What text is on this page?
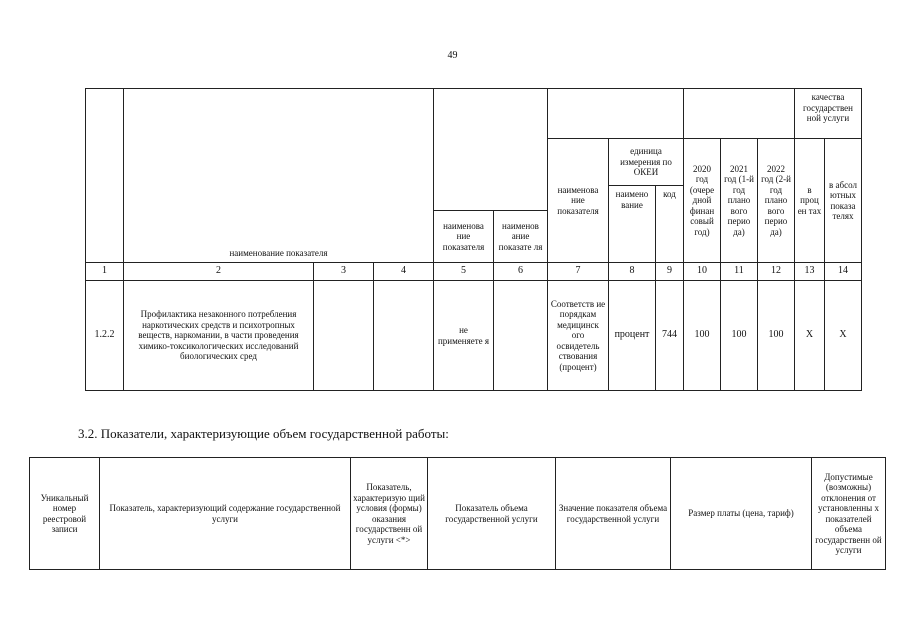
49
	наименование показателя											качества государствен ной услуги	
						наименова ние показателя	единица измерения по ОКЕИ		2020 год (очере дной финан совый год)	2021 год (1-й год плано вого перио да)	2022 год (2-й год плано вого перио да)	в проц ен тах	в абсол ютных показа телях
							наимено вание	код					
				наименова ние показателя	наименов ание показате ля								
1	2	3	4	5	6	7	8	9	10	11	12	13	14
1.2.2	Профилактика незаконного потребления наркотических средств и психотропных веществ, наркомании, в части проведения химико-токсикологических исследований биологических сред			не применяете я		Соответств ие порядкам медицинск ого освидетель ствования (процент)	процент	744	100	100	100	X	X
3.2. Показатели, характеризующие объем государственной работы:
Уникальный номер реестровой записи	Показатель, характеризующий содержание государственной услуги	Показатель, характеризую щий условия (формы) оказания государственн ой услуги <*>	Показатель объема государственной услуги	Значение показателя объема государственной услуги	Размер платы (цена, тариф)	Допустимые (возможны) отклонения от установленны х показателей объема государственн ой услуги
